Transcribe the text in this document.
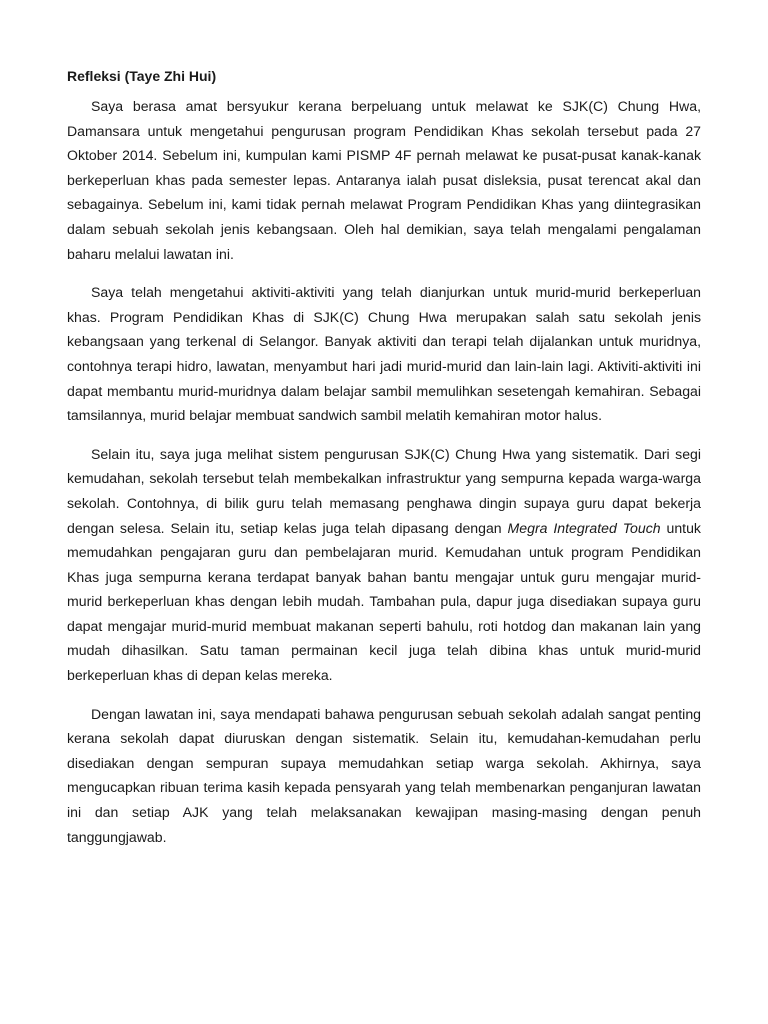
Refleksi (Taye Zhi Hui)

Saya berasa amat bersyukur kerana berpeluang untuk melawat ke SJK(C) Chung Hwa, Damansara untuk mengetahui pengurusan program Pendidikan Khas sekolah tersebut pada 27 Oktober 2014. Sebelum ini, kumpulan kami PISMP 4F pernah melawat ke pusat-pusat kanak-kanak berkeperluan khas pada semester lepas. Antaranya ialah pusat disleksia, pusat terencat akal dan sebagainya. Sebelum ini, kami tidak pernah melawat Program Pendidikan Khas yang diintegrasikan dalam sebuah sekolah jenis kebangsaan. Oleh hal demikian, saya telah mengalami pengalaman baharu melalui lawatan ini.

Saya telah mengetahui aktiviti-aktiviti yang telah dianjurkan untuk murid-murid berkeperluan khas. Program Pendidikan Khas di SJK(C) Chung Hwa merupakan salah satu sekolah jenis kebangsaan yang terkenal di Selangor. Banyak aktiviti dan terapi telah dijalankan untuk muridnya, contohnya terapi hidro, lawatan, menyambut hari jadi murid-murid dan lain-lain lagi. Aktiviti-aktiviti ini dapat membantu murid-muridnya dalam belajar sambil memulihkan sesetengah kemahiran. Sebagai tamsilannya, murid belajar membuat sandwich sambil melatih kemahiran motor halus.

Selain itu, saya juga melihat sistem pengurusan SJK(C) Chung Hwa yang sistematik. Dari segi kemudahan, sekolah tersebut telah membekalkan infrastruktur yang sempurna kepada warga-warga sekolah. Contohnya, di bilik guru telah memasang penghawa dingin supaya guru dapat bekerja dengan selesa. Selain itu, setiap kelas juga telah dipasang dengan Megra Integrated Touch untuk memudahkan pengajaran guru dan pembelajaran murid. Kemudahan untuk program Pendidikan Khas juga sempurna kerana terdapat banyak bahan bantu mengajar untuk guru mengajar murid-murid berkeperluan khas dengan lebih mudah. Tambahan pula, dapur juga disediakan supaya guru dapat mengajar murid-murid membuat makanan seperti bahulu, roti hotdog dan makanan lain yang mudah dihasilkan. Satu taman permainan kecil juga telah dibina khas untuk murid-murid berkeperluan khas di depan kelas mereka.

Dengan lawatan ini, saya mendapati bahawa pengurusan sebuah sekolah adalah sangat penting kerana sekolah dapat diuruskan dengan sistematik. Selain itu, kemudahan-kemudahan perlu disediakan dengan sempuran supaya memudahkan setiap warga sekolah. Akhirnya, saya mengucapkan ribuan terima kasih kepada pensyarah yang telah membenarkan penganjuran lawatan ini dan setiap AJK yang telah melaksanakan kewajipan masing-masing dengan penuh tanggungjawab.
